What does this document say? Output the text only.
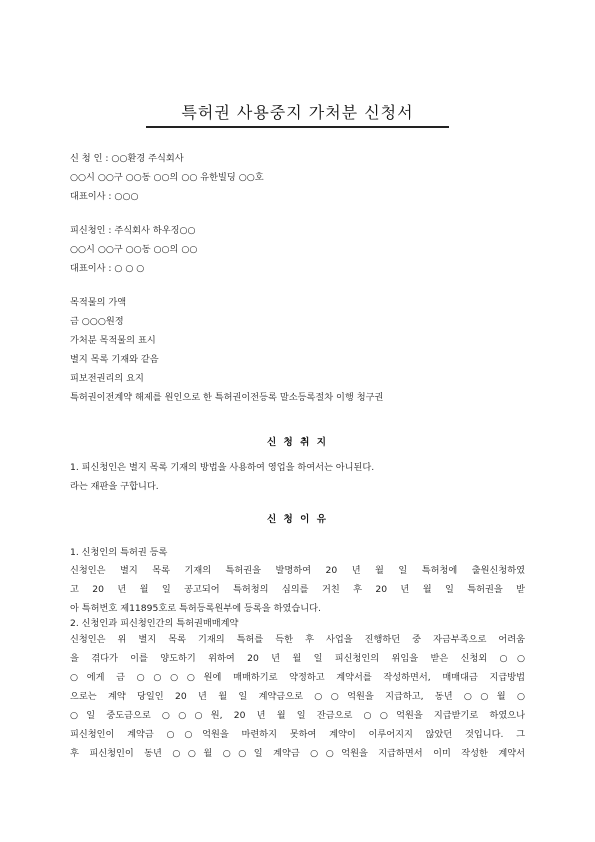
특허권 사용중지 가처분 신청서
신 청 인 : ○○환경 주식회사
○○시 ○○구 ○○동 ○○의 ○○ 유한빌딩 ○○호
대표이사 : ○○○
피신청인 : 주식회사 하우징○○
○○시 ○○구 ○○동 ○○의 ○○
대표이사 : ○ ○ ○
목적물의 가액
금 ○○○원정
가처분 목적물의 표시
별지 목록 기재와 같음
피보전권리의 요지
특허권이전계약 해제를 원인으로 한 특허권이전등록 말소등록절차 이행 청구권
신 청 취 지
1. 피신청인은 별지 목록 기재의 방법을 사용하여 영업을 하여서는 아니된다.
라는 재판을 구합니다.
신 청 이 유
1. 신청인의 특허권 등록
신청인은 별지 목록 기재의 특허권을 발명하여 20 년 월 일 특허청에 출원신청하였
고 20 년 월 일 공고되어 특허청의 심의를 거친 후 20 년 월 일 특허권을 받
아 특허번호 제11895호로 특허등록원부에 등록을 하였습니다.
2. 신청인과 피신청인간의 특허권매매계약
신청인은 위 별지 목록 기재의 특허를 득한 후 사업을 진행하던 중 자금부족으로 어려움
을 겪다가 이를 양도하기 위하여 20 년 월 일 피신청인의 위임을 받은 신청외 ○○
○에게 금 ○○○○원에 매매하기로 약정하고 계약서를 작성하면서, 매매대금 지급방법
으로는 계약 당일인 20 년 월 일 계약금으로 ○○억원을 지급하고, 동년 ○○월 ○
○일 중도금으로 ○○○원, 20 년 월 일 잔금으로 ○○억원을 지급받기로 하였으나
피신청인이 계약금 ○○억원을 마련하지 못하여 계약이 이루어지지 않았던 것입니다. 그
후 피신청인이 동년 ○○월 ○○일 계약금 ○○억원을 지급하면서 이미 작성한 계약서
